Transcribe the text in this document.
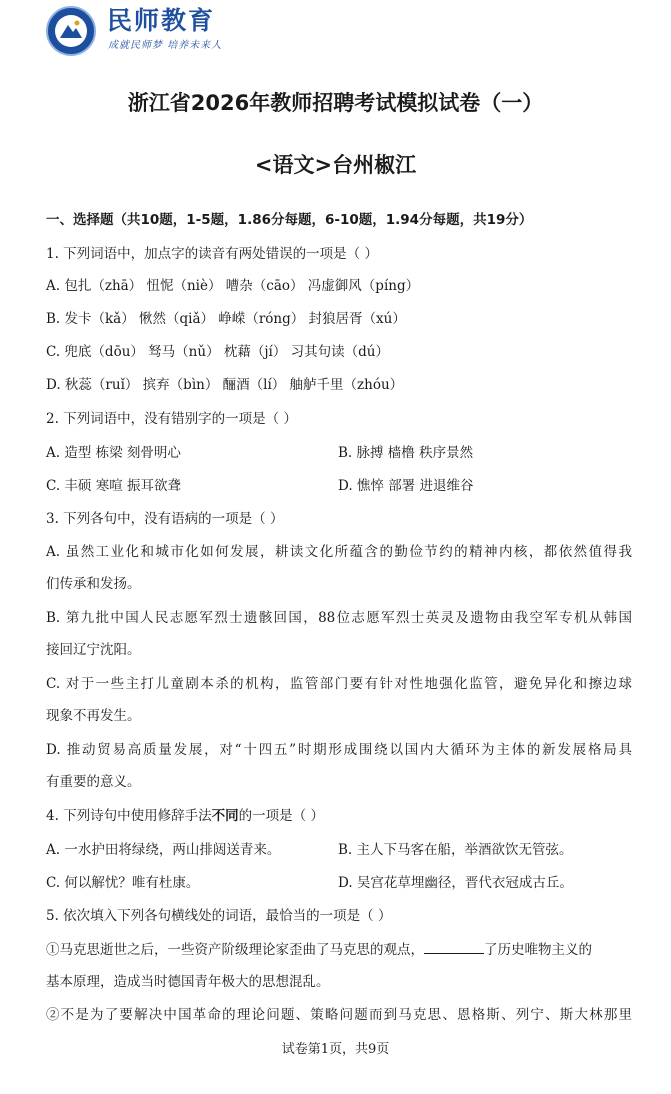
民师教育
成就民师梦 培养未来人
浙江省2026年教师招聘考试模拟试卷（一）
<语文>台州椒江
一、选择题（共10题，1-5题，1.86分每题，6-10题，1.94分每题，共19分）
1. 下列词语中，加点字的读音有两处错误的一项是（ ）
A. 包扎（zhā） 忸怩（niè） 嘈杂（cāo） 冯虚御风（píng）
B. 发卡（kǎ） 愀然（qiǎ） 峥嵘（róng） 封狼居胥（xú）
C. 兜底（dōu） 驽马（nǔ） 枕藉（jí） 习其句读（dú）
D. 秋蕊（ruǐ） 摈弃（bìn） 酾酒（lí） 舳舻千里（zhóu）
2. 下列词语中，没有错别字的一项是（ ）
A. 造型 栋梁 刻骨明心	B. 脉搏 樯橹 秩序景然
C. 丰硕 寒喧 振耳欲聋	D. 憔悴 部署 进退维谷
3. 下列各句中，没有语病的一项是（ ）
A. 虽然工业化和城市化如何发展，耕读文化所蕴含的勤俭节约的精神内核，都依然值得我
们传承和发扬。
B. 第九批中国人民志愿军烈士遗骸回国，88位志愿军烈士英灵及遗物由我空军专机从韩国
接回辽宁沈阳。
C. 对于一些主打儿童剧本杀的机构，监管部门要有针对性地强化监管，避免异化和擦边球
现象不再发生。
D. 推动贸易高质量发展，对“十四五”时期形成围绕以国内大循环为主体的新发展格局具
有重要的意义。
4. 下列诗句中使用修辞手法不同的一项是（ ）
A. 一水护田将绿绕，两山排闼送青来。	B. 主人下马客在船，举酒欲饮无管弦。
C. 何以解忧？唯有杜康。	D. 吴宫花草埋幽径，晋代衣冠成古丘。
5. 依次填入下列各句横线处的词语，最恰当的一项是（ ）
①马克思逝世之后，一些资产阶级理论家歪曲了马克思的观点，	了历史唯物主义的
基本原理，造成当时德国青年极大的思想混乱。
②不是为了要解决中国革命的理论问题、策略问题而到马克思、恩格斯、列宁、斯大林那里
试卷第1页，共9页
